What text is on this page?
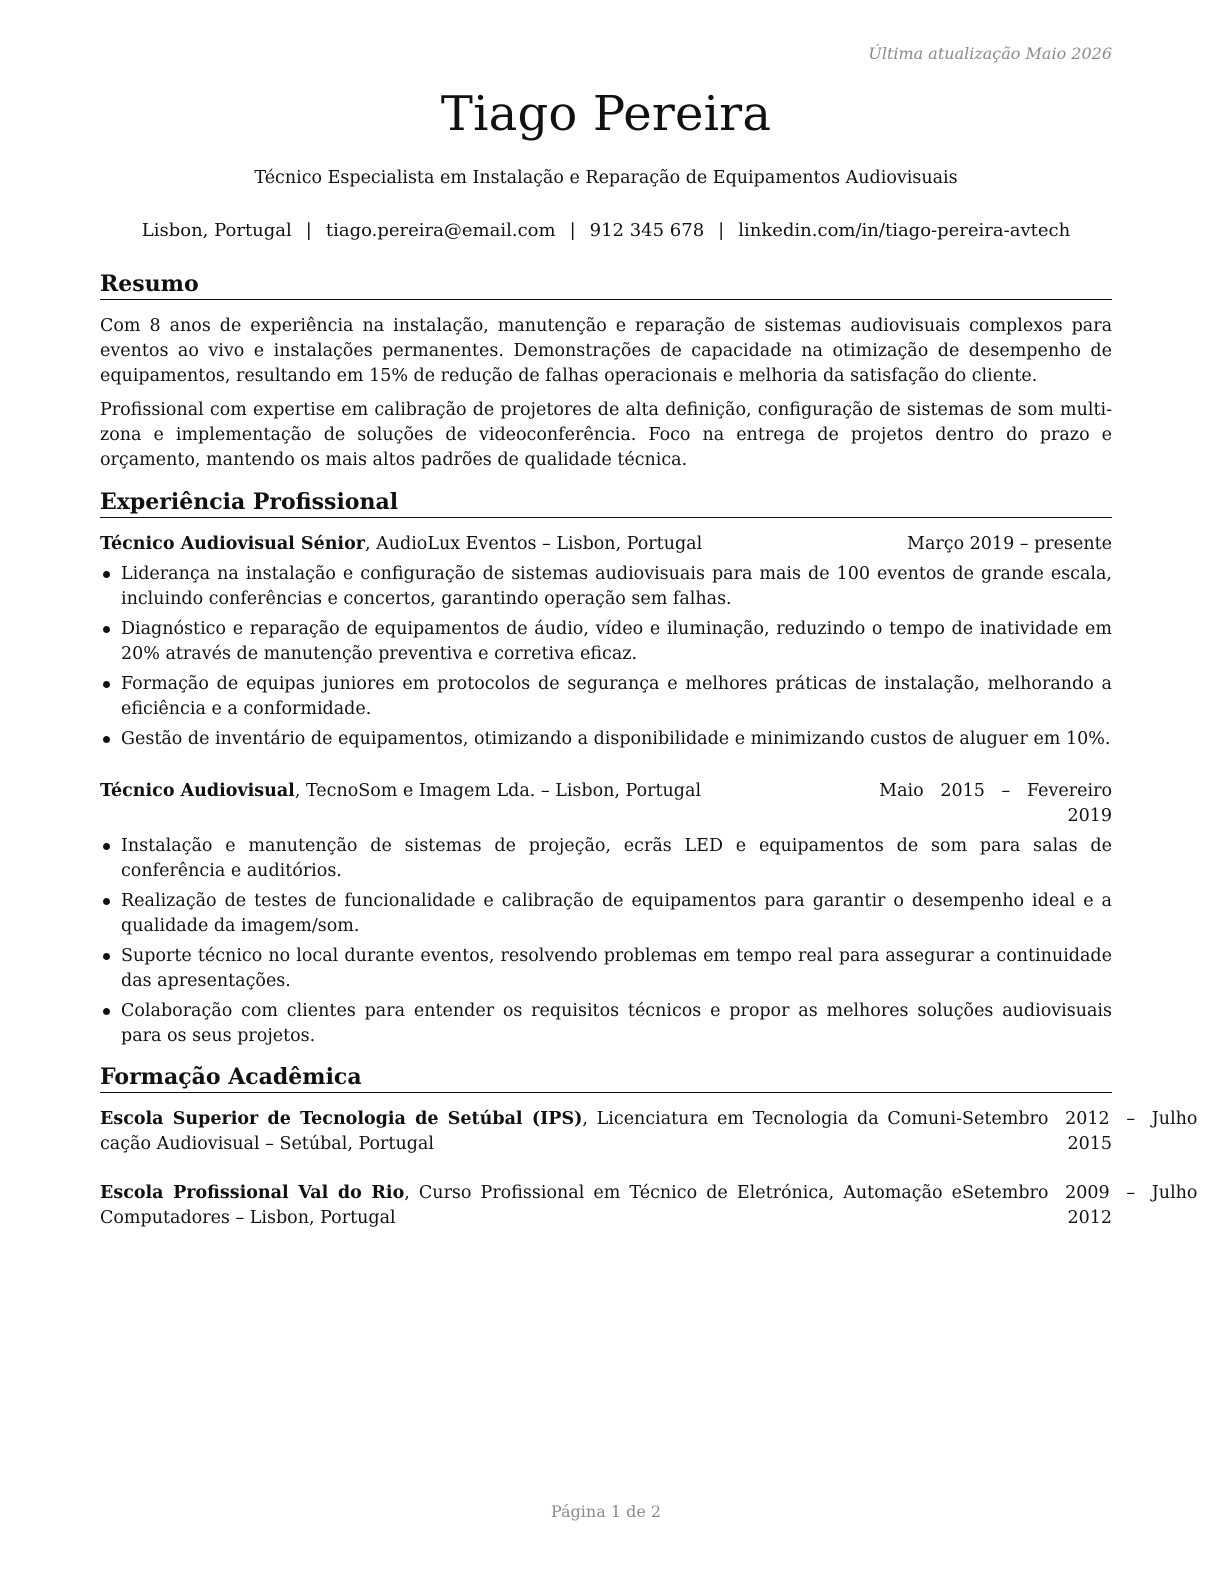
Última atualização Maio 2026
Tiago Pereira
Técnico Especialista em Instalação e Reparação de Equipamentos Audiovisuais
Lisbon, Portugal | tiago.pereira@email.com | 912 345 678 | linkedin.com/in/tiago-pereira-avtech
Resumo
Com 8 anos de experiência na instalação, manutenção e reparação de sistemas audiovisuais complexos para eventos ao vivo e instalações permanentes. Demonstrações de capacidade na otimização de desempenho de equipamentos, resultando em 15% de redução de falhas operacionais e melhoria da satisfação do cliente.
Profissional com expertise em calibração de projetores de alta definição, configuração de sistemas de som multi-zona e implementação de soluções de videoconferência. Foco na entrega de projetos dentro do prazo e orçamento, mantendo os mais altos padrões de qualidade técnica.
Experiência Profissional
Técnico Audiovisual Sénior, AudioLux Eventos – Lisbon, Portugal	Março 2019 – presente
Liderança na instalação e configuração de sistemas audiovisuais para mais de 100 eventos de grande escala, incluindo conferências e concertos, garantindo operação sem falhas.
Diagnóstico e reparação de equipamentos de áudio, vídeo e iluminação, reduzindo o tempo de inatividade em 20% através de manutenção preventiva e corretiva eficaz.
Formação de equipas juniores em protocolos de segurança e melhores práticas de instalação, melhorando a eficiência e a conformidade.
Gestão de inventário de equipamentos, otimizando a disponibilidade e minimizando custos de aluguer em 10%.
Técnico Audiovisual, TecnoSom e Imagem Lda. – Lisbon, Portugal	Maio   2015   –   Fevereiro
2019
Instalação e manutenção de sistemas de projeção, ecrãs LED e equipamentos de som para salas de conferência e auditórios.
Realização de testes de funcionalidade e calibração de equipamentos para garantir o desempenho ideal e a qualidade da imagem/som.
Suporte técnico no local durante eventos, resolvendo problemas em tempo real para assegurar a continuidade das apresentações.
Colaboração com clientes para entender os requisitos técnicos e propor as melhores soluções audiovisuais para os seus projetos.
Formação Acadêmica
Escola Superior de Tecnologia de Setúbal (IPS), Licenciatura em Tecnologia da Comuni-cação Audiovisual – Setúbal, Portugal
Setembro   2012   –   Julho
2015
Escola Profissional Val do Rio, Curso Profissional em Técnico de Eletrónica, Automação e Computadores – Lisbon, Portugal
Setembro   2009   –   Julho
2012
Página 1 de 2
